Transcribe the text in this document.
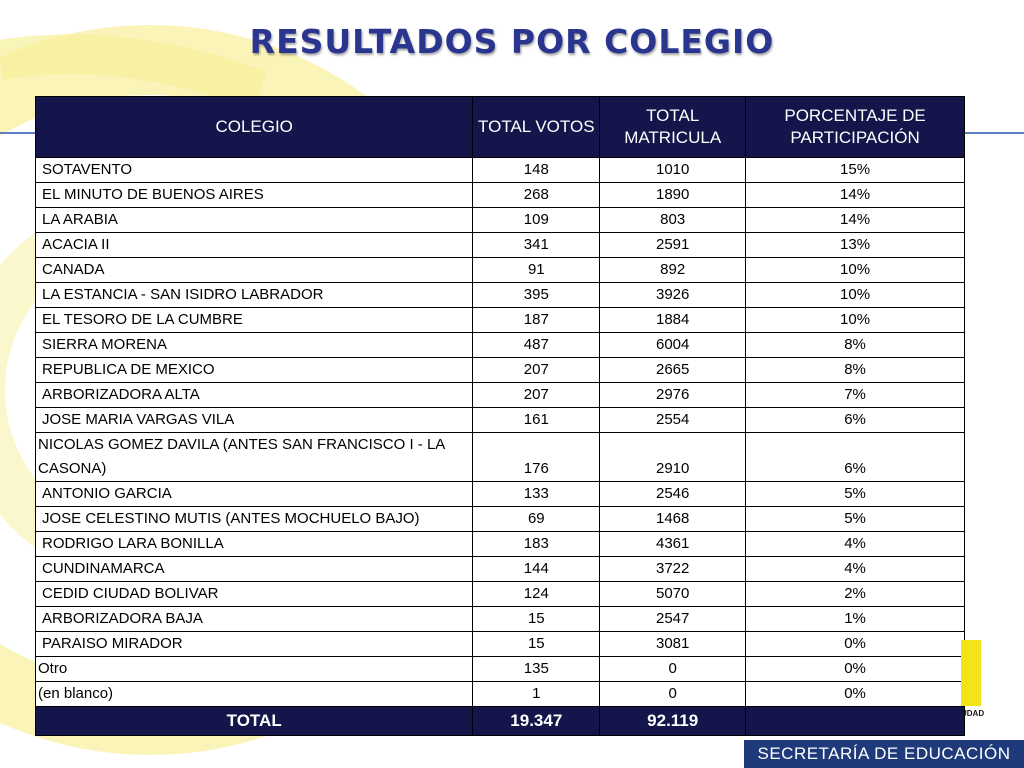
RESULTADOS POR COLEGIO
COLEGIO	TOTAL VOTOS	TOTAL MATRICULA	PORCENTAJE DE PARTICIPACIÓN
SOTAVENTO	148	1010	15%
EL MINUTO DE BUENOS AIRES	268	1890	14%
LA ARABIA	109	803	14%
ACACIA II	341	2591	13%
CANADA	91	892	10%
LA ESTANCIA - SAN ISIDRO LABRADOR	395	3926	10%
EL TESORO DE LA CUMBRE	187	1884	10%
SIERRA MORENA	487	6004	8%
REPUBLICA DE MEXICO	207	2665	8%
ARBORIZADORA ALTA	207	2976	7%
JOSE MARIA VARGAS VILA	161	2554	6%
NICOLAS GOMEZ DAVILA (ANTES SAN FRANCISCO I - LA CASONA)	176	2910	6%
ANTONIO GARCIA	133	2546	5%
JOSE CELESTINO MUTIS (ANTES MOCHUELO BAJO)	69	1468	5%
RODRIGO LARA BONILLA	183	4361	4%
CUNDINAMARCA	144	3722	4%
CEDID CIUDAD BOLIVAR	124	5070	2%
ARBORIZADORA BAJA	15	2547	1%
PARAISO MIRADOR	15	3081	0%
Otro	135	0	0%
(en blanco)	1	0	0%
TOTAL	19.347	92.119		UDAD
SECRETARÍA DE EDUCACIÓN
